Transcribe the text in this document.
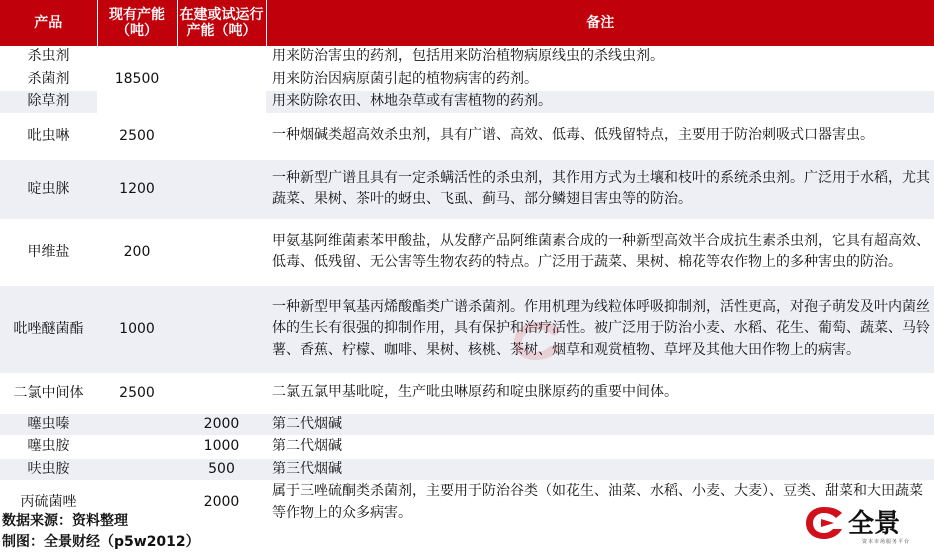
产品	现有产能（吨）	在建或试运行产能（吨）	备注
杀虫剂	18500		用来防治害虫的药剂，包括用来防治植物病原线虫的杀线虫剂。
杀菌剂			用来防治因病原菌引起的植物病害的药剂。
除草剂			用来防除农田、林地杂草或有害植物的药剂。
吡虫啉	2500		一种烟碱类超高效杀虫剂，具有广谱、高效、低毒、低残留特点，主要用于防治刺吸式口器害虫。
啶虫脒	1200		一种新型广谱且具有一定杀螨活性的杀虫剂，其作用方式为土壤和枝叶的系统杀虫剂。广泛用于水稻，尤其蔬菜、果树、茶叶的蚜虫、飞虱、蓟马、部分鳞翅目害虫等的防治。
甲维盐	200		甲氨基阿维菌素苯甲酸盐，从发酵产品阿维菌素合成的一种新型高效半合成抗生素杀虫剂，它具有超高效、低毒、低残留、无公害等生物农药的特点。广泛用于蔬菜、果树、棉花等农作物上的多种害虫的防治。
吡唑醚菌酯	1000		一种新型甲氧基丙烯酸酯类广谱杀菌剂。作用机理为线粒体呼吸抑制剂，活性更高，对孢子萌发及叶内菌丝体的生长有很强的抑制作用，具有保护和治疗活性。被广泛用于防治小麦、水稻、花生、葡萄、蔬菜、马铃薯、香蕉、柠檬、咖啡、果树、核桃、茶树、烟草和观赏植物、草坪及其他大田作物上的病害。
二氯中间体	2500		二氯五氯甲基吡啶，生产吡虫啉原药和啶虫脒原药的重要中间体。
噻虫嗪		2000	第二代烟碱
噻虫胺		1000	第二代烟碱
呋虫胺		500	第三代烟碱
丙硫菌唑		2000	属于三唑硫酮类杀菌剂，主要用于防治谷类（如花生、油菜、水稻、小麦、大麦）、豆类、甜菜和大田蔬菜等作物上的众多病害。
数据来源：资料整理
制图：全景财经（p5w2012）
全景
资本市场服务平台
